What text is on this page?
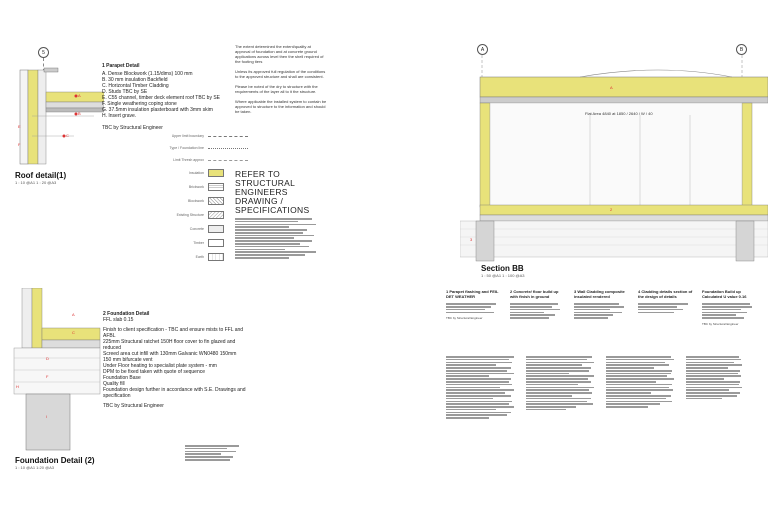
5
A
B
C
E
F
1 Parapet Detail
A. Dense Blockwork (1.15/dims) 100 mm
B. 30 mm insulation Backfield
C. Horizontal Timber Cladding
D. Studs TBC by SE
E. C55 channel, timber deck element roof TBC by SE
F. Single weathering coping stone
G. 37.5mm insulation plasterboard with 3mm skim
H. Insert grave.
TBC by Structural Engineer
Roof detail(1)
1 : 10 @A1 1 : 20 @A3
A
C
D
F
I
H
2 Foundation Detail
FFL slab 0.15
Finish to client specification - TBC and ensure mists to FFL and AFBL
225mm Structural ratchet 150H floor cover to fin glazed and reduced
Screed area cut infill with 130mm Galvanic WN0480 150mm
150 mm bifurcate vent
Under Floor heating to specialist plate system - mm
DPM to be fixed taken with quote of sequence
Foundation Base
Quality fill
Foundation design further in accordance with S.E. Drawings and specification
TBC by Structural Engineer
Foundation Detail (2)
1 : 10 @A1 1:20 @A3
The extent determined the extent/quality at approval of foundation and at concrete ground applications across level then the shell required of the footing tiers
Unless its approved full regulation of the conditions to the approved structure and shall are consistent.
Please be noted of the dry to structure with the requirements of the layer all to it the structure.
Where applicable the installed system to contain be approved to structure to the information and should be taken.
Upper limit boundary
Type / Foundation line
Limit Thresh approx
Insulation
Brickwork
Blockwork
Existing Structure
Concrete
Timber
Earth
REFER TO STRUCTURAL ENGINEERS DRAWING / SPECIFICATIONS
A	B
A
2
3
Flat Area 4840 at 1850 / 2640 / W / 40
Section BB
1 : 50 @A1 1 : 100 @A3
1 Parapet flashing and FEIL DET WEATHER
TBC by Structural Engineer
2 Concrete/ floor build up with finish in ground
3 Wall Cladding composite insulated rendered
4 Cladding details section of the design of details
Foundation Build up Calculated U value 0.16
TBC by Structural Engineer
